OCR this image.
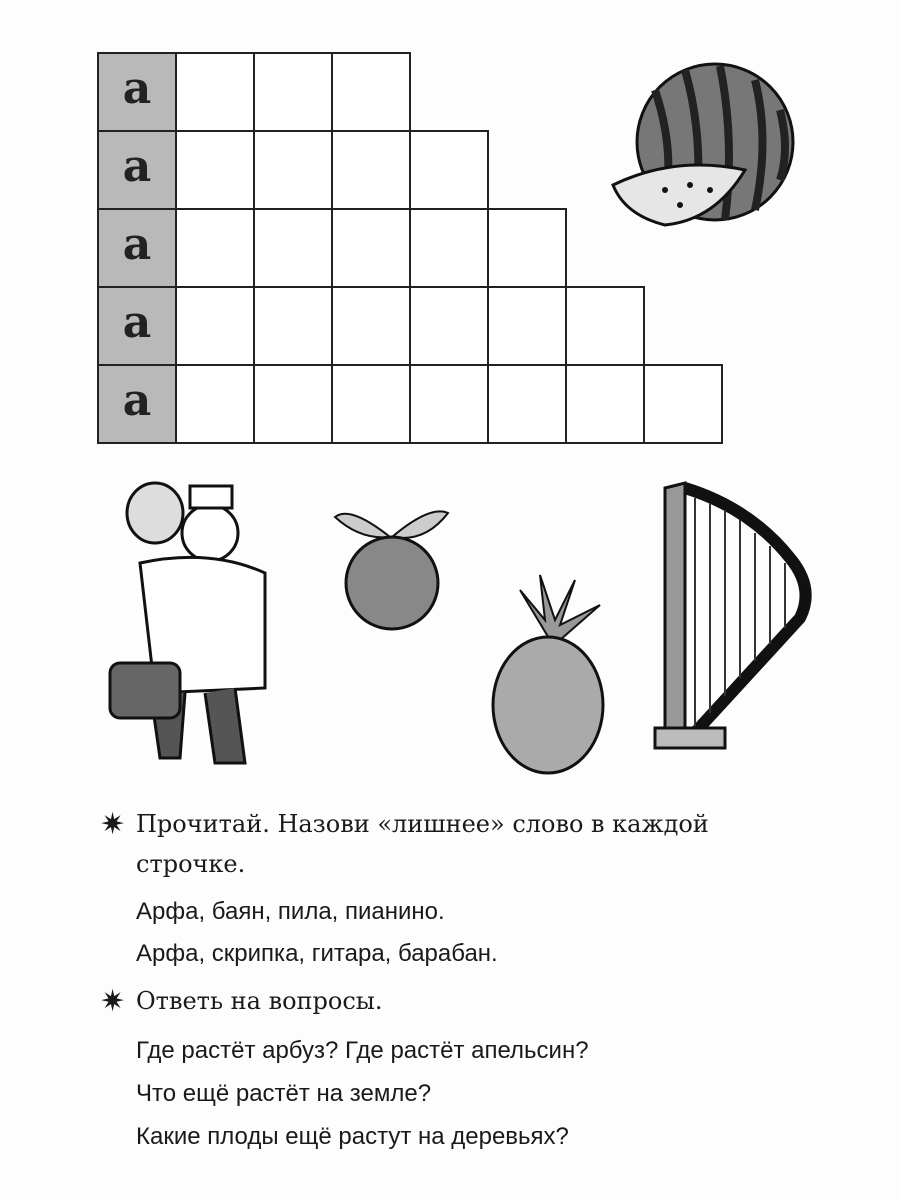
а
а
а
а
а
✷ Прочитай. Назови «лишнее» слово в каждой
строчке.
Арфа, баян, пила, пианино.
Арфа, скрипка, гитара, барабан.
✷ Ответь на вопросы.
Где растёт арбуз? Где растёт апельсин?
Что ещё растёт на земле?
Какие плоды ещё растут на деревьях?
